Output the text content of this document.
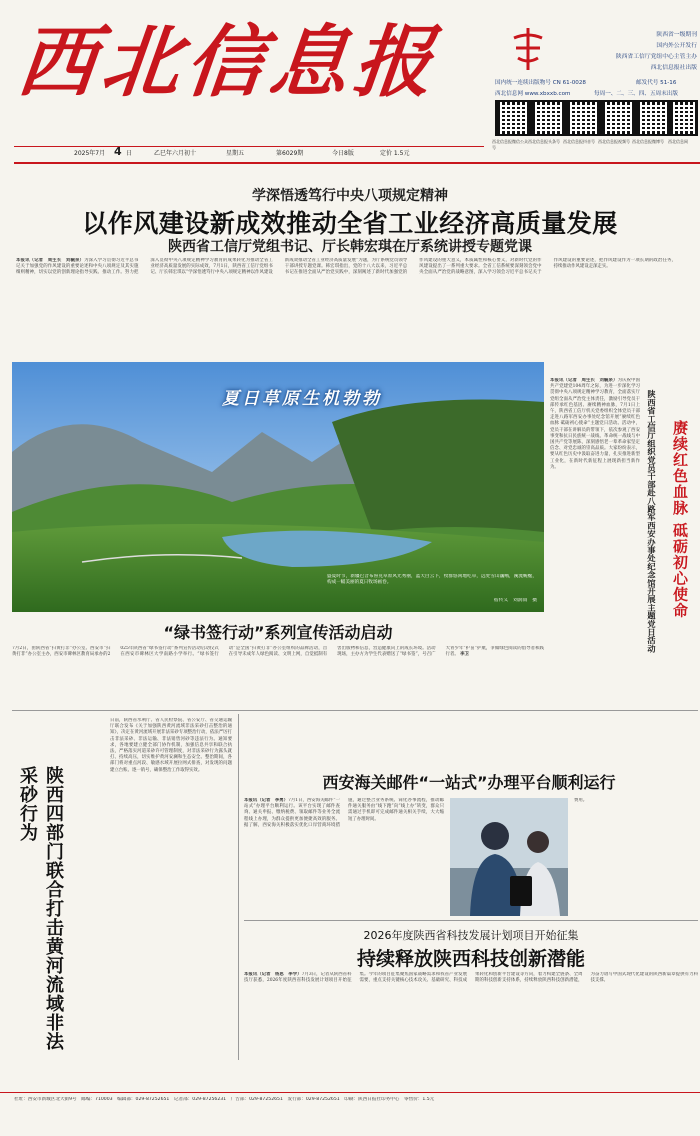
西北信息报	陕西省一级期刊
国内外公开发行
陕西省工信厅党组中心主管主办
西北信息报社出版
国内统一连续出版物号 CN 61-0028	邮发代号 51-16
西北信息网 www.xbxxb.com	每周一、二、三、四、五周末出版
西北信息报微信公众号
西北信息报头条号 西北信息报抖音号 西北信息报视频号 西北信息报微博号	西北信息网
2025年7月 4 日	乙巳年六月初十	星期五	第6029期	今日8版	定价 1.5元
学深悟透笃行中央八项规定精神
以作风建设新成效推动全省工业经济高质量发展
陕西省工信厅党组书记、厅长韩宏琪在厅系统讲授专题党课
本报讯（记者　周生长　刘毓泉）为深入学习贯彻习近平总书记关于加强党的作风建设的重要论述和中央八项规定及其实施细则精神，切实以党的创新理论指导实践、推动工作。努力把深入贯彻中央八项规定精神学习教育的成果转化为推动全省工业经济高质量发展的实际成效，7月1日，陕西省工信厅党组书记、厅长韩宏琪以“学深悟透笃行中央八项规定精神以作风建设新成效推动全省工业经济高质量发展”为题，为厅系统党员领导干部讲授专题党课。韩宏琪指出，党的十八大以来，习近平总书记在推进全面从严治党实践中，深刻阐述了新时代加强党的作风建设的重大意义，本质属性和核心要义，对新时代党的作风建设提出了一系列重大要求。全省工信系统要深刻领会党中央全面从严治党的战略意图，深入学习领会习近平总书记关于作风建设的重要论述，把作风建设作为一项长期的政治任务，持续推动作风建设走深走实。
夏日草原生机勃勃
盛夏时节，新疆巴音布鲁克草原风光秀丽，蓝天白云下，牧群悠闲地吃草，远处雪山巍峨，溪流蜿蜒，构成一幅美丽的夏日牧场画卷。
宿传义　刘润雨　摄
本报讯（记者　周生长　刘毓泉）为庆祝中国共产党建党104周年之际，为进一步深化学习贯彻中央八项规定精神学习教育，全面落实厅党组全面从严治党主体责任，激励引导党员干部传承红色基因、赓续精神血脉，7月1日上午，陕西省工信厅机关党委组织全体党员干部走进八路军西安办事处纪念馆开展“赓续红色血脉 砥砺初心使命”主题党日活动。活动中，党员干部在讲解员的带领下，依次参观了西安事变和抗日民族统一战线、革命统一战线与中国共产党等展陈，深刻感悟老一辈革命家坚定信念、对党忠诚的崇高品质。大家纷纷表示，要从红色历史中汲取奋进力量，扎实推进新型工业化，在新时代新征程上展现新担当新作为。	赓续红色血脉 砥砺初心使命
陕西省工信厅组织党员干部赴八路军西安办事处纪念馆开展主题党日活动
“绿书签行动”系列宣传活动启动
7月2日，由陕西省“扫黄打非”办公室、西安市“扫黄打非”办公室主办，西安市碑林区教育局承办的2025年陕西省“绿书签行动”系列宣传活动启动仪式在西安市碑林区大学南路小学举行。“绿书签行动”是全国“扫黄打非”办公室组织的品牌活动，旨在引导未成年人绿色阅读、文明上网，自觉抵制有害出版物和信息，营造健康向上的成长环境。活动现场，主办方为学生代表赠送了“绿书签”，号召广大青少年“护苗”护航，争做绿色阅读的倡导者和践行者。 李卫
陕西四部门联合打击黄河流域非法采砂行为
日前，陕西省水利厅、省人民检察院、省公安厅、省交通运输厅联合发布《关于加强陕西黄河流域非法采砂打击整治的通知》，决定在黄河流域开展非法采砂专项整治行动，依法严厉打击非法采砂、非法运输、非法销售河砂等违法行为。通知要求，各地要建立健全部门协作机制，加强信息共享和联合执法，严格落实河道采砂许可管理制度，对非法采砂行为露头就打、持续高压，切实维护黄河安澜和生态安全。整治期间，各部门将对重点河段、敏感水域开展拉网式排查，对发现的问题建立台账、逐一销号，确保整治工作取得实效。
西安海关邮件“一站式”办理平台顺利运行
本报讯（记者　李勇）7月1日，西安海关邮件“一站式”办理平台顺利运行。该平台实现了邮件查询、通关申报、缴纳税费、领取邮件等业务全流程线上办理，为群众提供更加便捷高效的服务。据了解，西安海关积极落实优化口岸营商环境措施，通过整合业务系统、简化办事流程，推动邮件通关服务由“线下跑”向“线上办”转变，群众只需通过手机即可完成邮件通关相关手续，大大缩短了办理时间。
费用。
2026年度陕西省科技发展计划项目开始征集
持续释放陕西科技创新潜能
本报讯（记者　杨思　李学）7月3日，记者从陕西省科技厅获悉，2026年度陕西省科技发展计划项目开始征集。今年的项目征集聚焦国家战略需求和我省产业发展需要，重点支持关键核心技术攻关、基础研究、科技成果转化和创新平台建设等方向，着力构建全链条、全周期的科技创新支持体系，持续释放陕西科技创新潜能，为奋力谱写中国式现代化建设的陕西新篇章提供有力科技支撑。
社址：西安市新城区北大街9号　邮编：710003　编辑部：029-87252651　记者部：029-87256231　广告部：029-87252651　发行部：029-87252651　印刷：陕西日报社印务中心　零售价：1.5元
